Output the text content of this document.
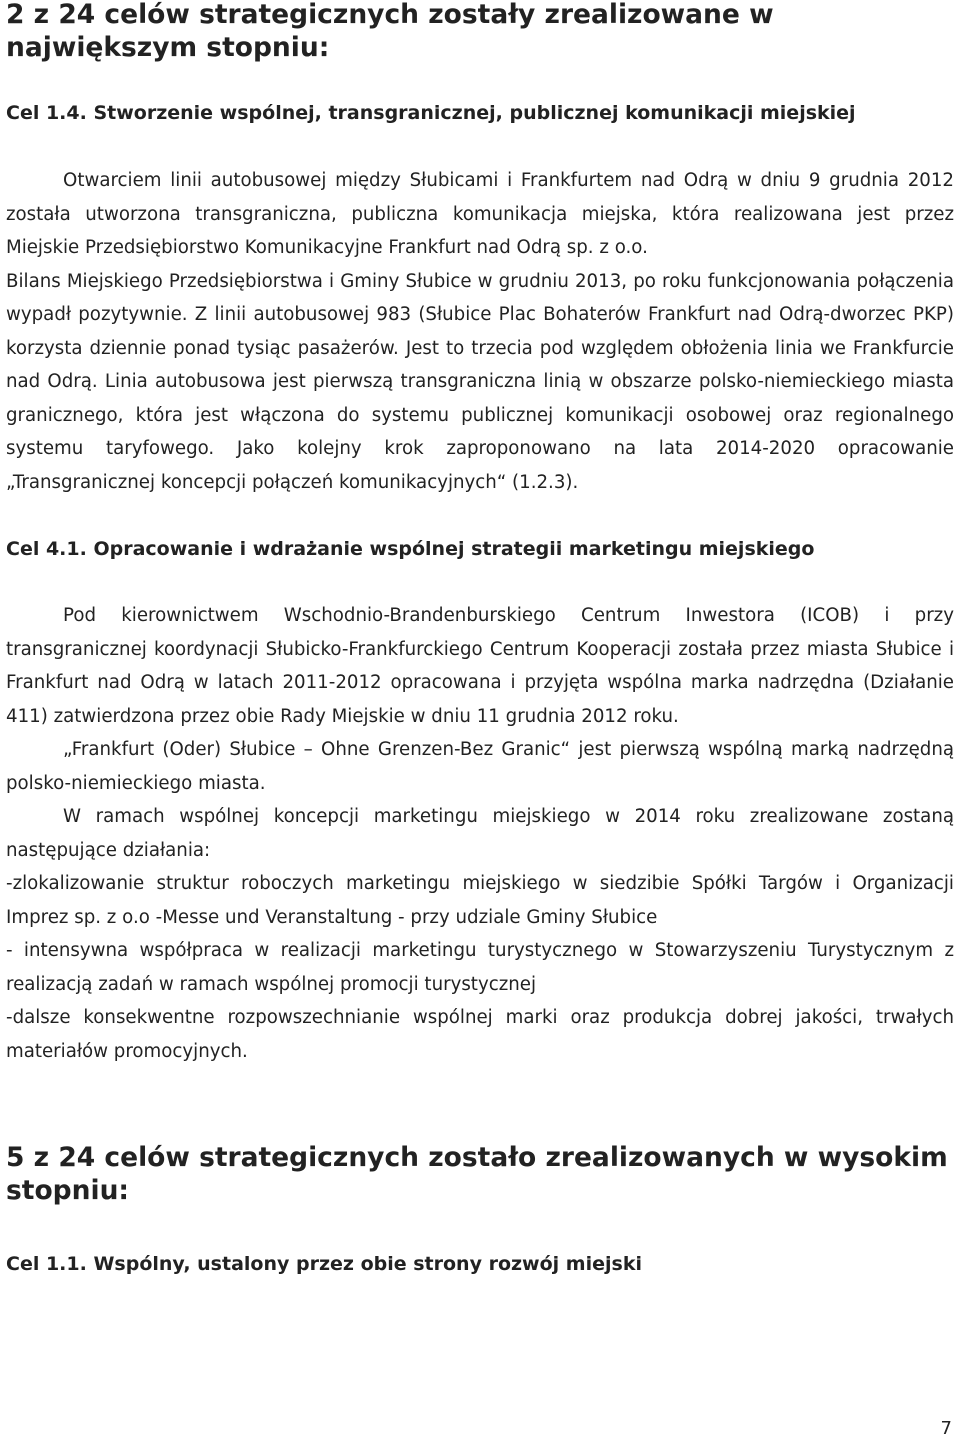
2 z 24 celów strategicznych zostały zrealizowane w największym stopniu:
Cel 1.4. Stworzenie wspólnej, transgranicznej, publicznej komunikacji miejskiej

Otwarciem linii autobusowej między Słubicami i Frankfurtem nad Odrą w dniu 9 grudnia 2012 została utworzona transgraniczna, publiczna komunikacja miejska, która realizowana jest przez Miejskie Przedsiębiorstwo Komunikacyjne Frankfurt nad Odrą sp. z o.o.

Bilans Miejskiego Przedsiębiorstwa i Gminy Słubice w grudniu 2013, po roku funkcjonowania połączenia wypadł pozytywnie. Z linii autobusowej 983 (Słubice Plac Bohaterów Frankfurt nad Odrą-dworzec PKP) korzysta dziennie ponad tysiąc pasażerów. Jest to trzecia pod względem obłożenia linia we Frankfurcie nad Odrą. Linia autobusowa jest pierwszą transgraniczna linią w obszarze polsko-niemieckiego miasta granicznego, która jest włączona do systemu publicznej komunikacji osobowej oraz regionalnego systemu taryfowego. Jako kolejny krok zaproponowano na lata 2014-2020 opracowanie „Transgranicznej koncepcji połączeń komunikacyjnych“ (1.2.3).

Cel 4.1. Opracowanie i wdrażanie wspólnej strategii marketingu miejskiego

Pod kierownictwem Wschodnio-Brandenburskiego Centrum Inwestora (ICOB) i przy transgranicznej koordynacji Słubicko-Frankfurckiego Centrum Kooperacji została przez miasta Słubice i Frankfurt nad Odrą w latach 2011-2012 opracowana i przyjęta wspólna marka nadrzędna (Działanie 411) zatwierdzona przez obie Rady Miejskie w dniu 11 grudnia 2012 roku.

„Frankfurt (Oder) Słubice – Ohne Grenzen-Bez Granic“ jest pierwszą wspólną marką nadrzędną polsko-niemieckiego miasta.

W ramach wspólnej koncepcji marketingu miejskiego w 2014 roku zrealizowane zostaną następujące działania:

-zlokalizowanie struktur roboczych marketingu miejskiego w siedzibie Spółki Targów i Organizacji Imprez sp. z o.o -Messe und Veranstaltung - przy udziale Gminy Słubice

- intensywna współpraca w realizacji marketingu turystycznego w Stowarzyszeniu Turystycznym z realizacją zadań w ramach wspólnej promocji turystycznej

-dalsze konsekwentne rozpowszechnianie wspólnej marki oraz produkcja dobrej jakości, trwałych materiałów promocyjnych.

5 z 24 celów strategicznych zostało zrealizowanych w wysokim stopniu:
Cel 1.1. Wspólny, ustalony przez obie strony rozwój miejski
7
